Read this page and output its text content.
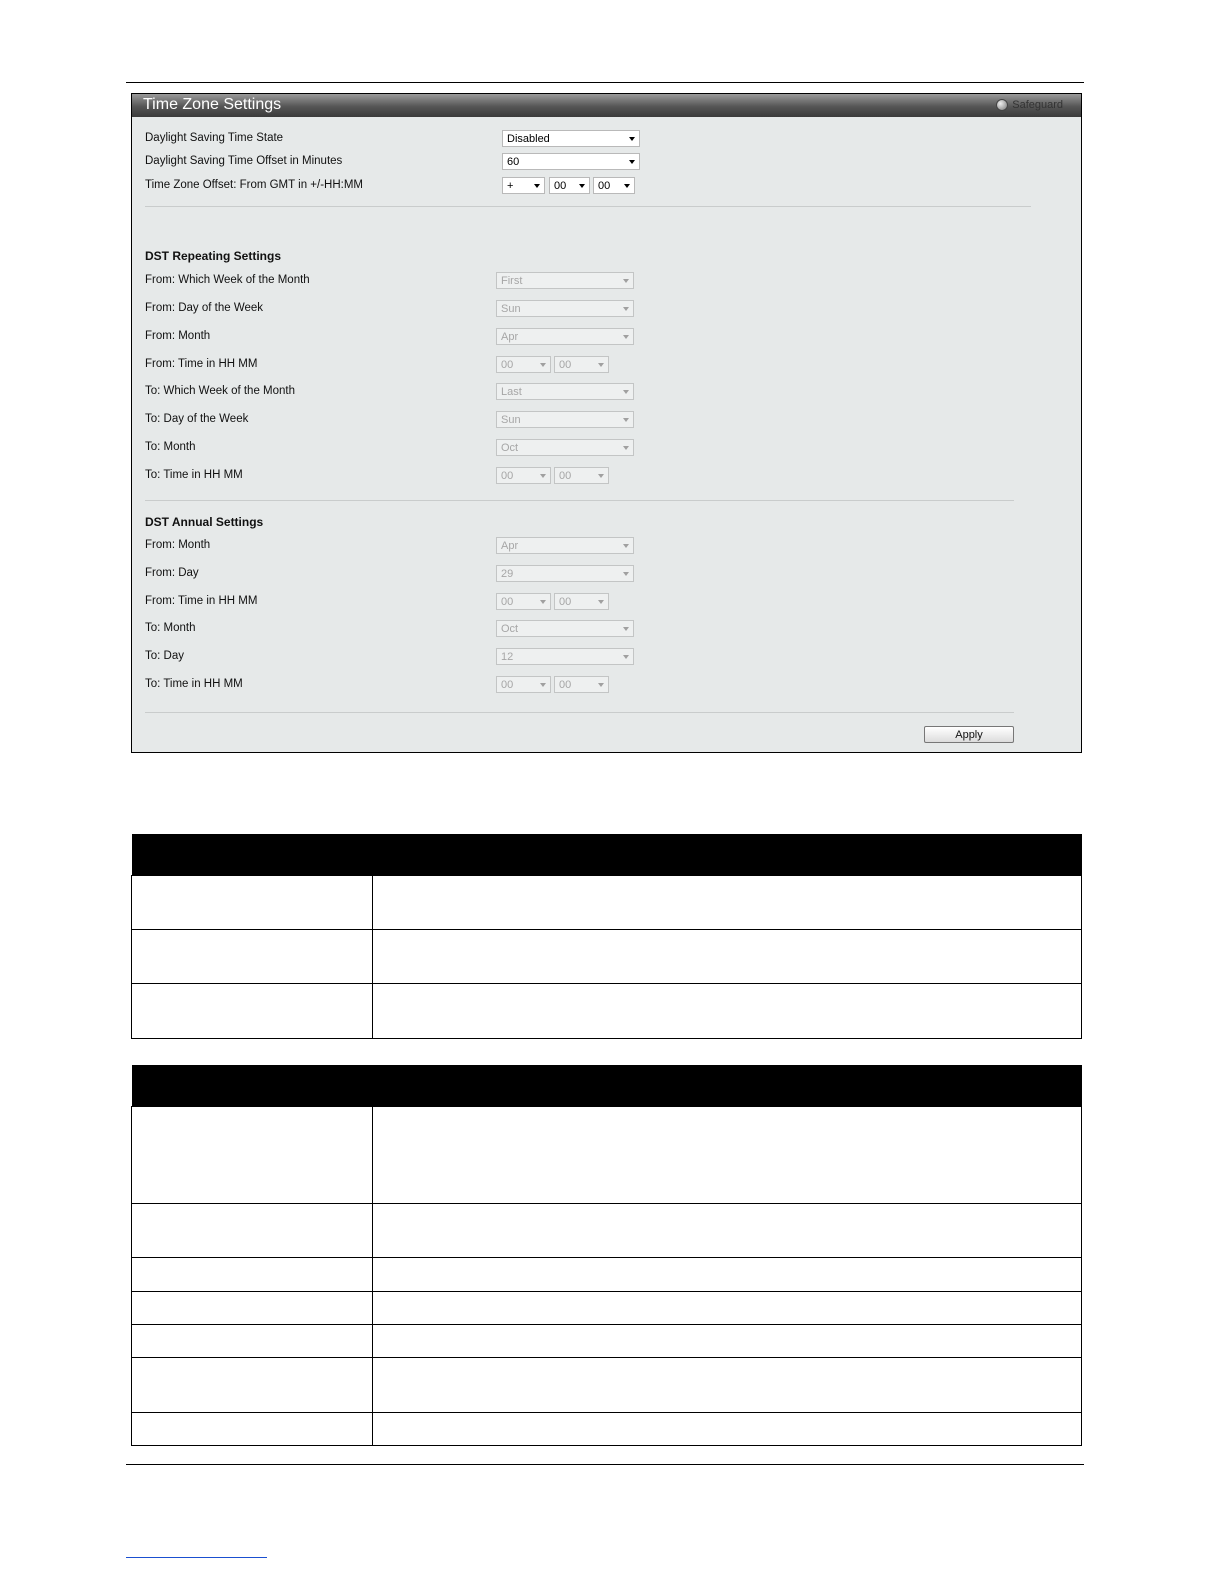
Time Zone Settings	Safeguard
Daylight Saving Time State	Disabled
Daylight Saving Time Offset in Minutes	60
Time Zone Offset: From GMT in +/-HH:MM	+	00	00
DST Repeating Settings
From: Which Week of the Month	First
From: Day of the Week	Sun
From: Month	Apr
From: Time in HH MM	00	00
To: Which Week of the Month	Last
To: Day of the Week	Sun
To: Month	Oct
To: Time in HH MM	00	00
DST Annual Settings
From: Month	Apr
From: Day	29
From: Time in HH MM	00	00
To: Month	Oct
To: Day	12
To: Time in HH MM	00	00
Apply
